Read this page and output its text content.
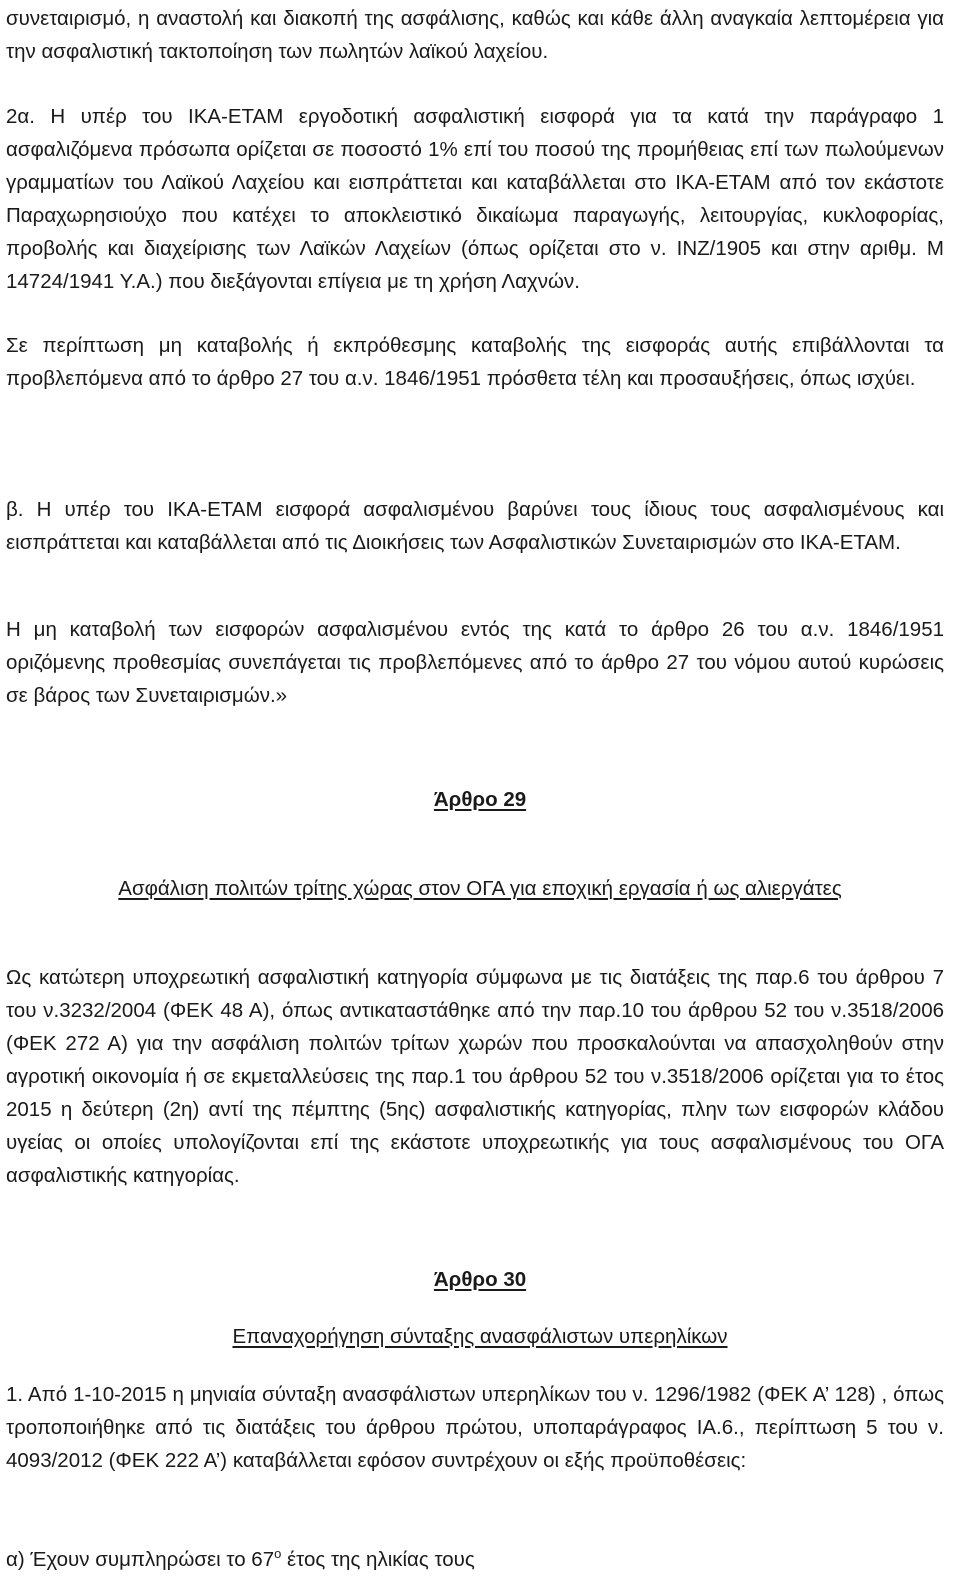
συνεταιρισμό, η αναστολή και διακοπή της ασφάλισης, καθώς και κάθε άλλη αναγκαία λεπτομέρεια για την ασφαλιστική τακτοποίηση των πωλητών λαϊκού λαχείου.

2α. Η υπέρ του ΙΚΑ-ΕΤΑΜ εργοδοτική ασφαλιστική εισφορά για τα κατά την παράγραφο 1 ασφαλιζόμενα πρόσωπα ορίζεται σε ποσοστό 1% επί του ποσού της προμήθειας επί των πωλούμενων γραμματίων του Λαϊκού Λαχείου και εισπράττεται και καταβάλλεται στο ΙΚΑ-ΕΤΑΜ από τον εκάστοτε Παραχωρησιούχο που κατέχει το αποκλειστικό δικαίωμα παραγωγής, λειτουργίας, κυκλοφορίας, προβολής και διαχείρισης των Λαϊκών Λαχείων (όπως ορίζεται στο ν. ΙΝΖ/1905 και στην αριθμ. Μ 14724/1941 Υ.Α.) που διεξάγονται επίγεια με τη χρήση Λαχνών.

Σε περίπτωση μη καταβολής ή εκπρόθεσμης καταβολής της εισφοράς αυτής επιβάλλονται τα προβλεπόμενα από το άρθρο 27 του α.ν. 1846/1951 πρόσθετα τέλη και προσαυξήσεις, όπως ισχύει.

β. Η υπέρ του ΙΚΑ-ΕΤΑΜ εισφορά ασφαλισμένου βαρύνει τους ίδιους τους ασφαλισμένους και εισπράττεται και καταβάλλεται από τις Διοικήσεις των Ασφαλιστικών Συνεταιρισμών στο ΙΚΑ-ΕΤΑΜ.

Η μη καταβολή των εισφορών ασφαλισμένου εντός της κατά το άρθρο 26 του α.ν. 1846/1951 οριζόμενης προθεσμίας συνεπάγεται τις προβλεπόμενες από το άρθρο 27 του νόμου αυτού κυρώσεις σε βάρος των Συνεταιρισμών.»

Άρθρο 29
Ασφάλιση πολιτών τρίτης χώρας στον ΟΓΑ για εποχική εργασία ή ως αλιεργάτες

Ως κατώτερη υποχρεωτική ασφαλιστική κατηγορία σύμφωνα με τις διατάξεις της παρ.6 του άρθρου 7 του ν.3232/2004 (ΦΕΚ 48 Α), όπως αντικαταστάθηκε από την παρ.10 του άρθρου 52 του ν.3518/2006 (ΦΕΚ 272 Α) για την ασφάλιση πολιτών τρίτων χωρών που προσκαλούνται να απασχοληθούν στην αγροτική οικονομία ή σε εκμεταλλεύσεις της παρ.1 του άρθρου 52 του ν.3518/2006 ορίζεται για το έτος 2015 η δεύτερη (2η) αντί της πέμπτης (5ης) ασφαλιστικής κατηγορίας, πλην των εισφορών κλάδου υγείας οι οποίες υπολογίζονται επί της εκάστοτε υποχρεωτικής για τους ασφαλισμένους του ΟΓΑ ασφαλιστικής κατηγορίας.

Άρθρο 30
Επαναχορήγηση σύνταξης ανασφάλιστων υπερηλίκων

1. Από 1-10-2015 η μηνιαία σύνταξη ανασφάλιστων υπερηλίκων του ν. 1296/1982 (ΦΕΚ Α’ 128) , όπως τροποποιήθηκε από τις διατάξεις του άρθρου πρώτου, υποπαράγραφος ΙΑ.6., περίπτωση 5 του ν. 4093/2012 (ΦΕΚ 222 Α’) καταβάλλεται εφόσον συντρέχουν οι εξής προϋποθέσεις:

α) Έχουν συμπληρώσει το $67^o$ έτος της ηλικίας τους
